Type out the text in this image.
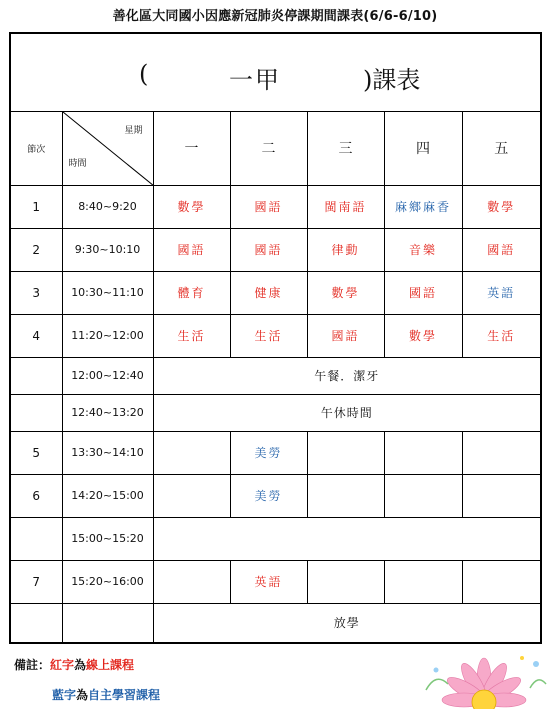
善化區大同國小因應新冠肺炎停課期間課表(6/6-6/10)
( 一甲 )課表						

節次	星期
時間	一	二	三	四	五
1	8:40~9:20	數學	國語	閩南語	麻鄉麻香	數學
2	9:30~10:10	國語	國語	律動	音樂	國語
3	10:30~11:10	體育	健康	數學	國語	英語
4	11:20~12:00	生活	生活	國語	數學	生活
	12:00~12:40	午餐．潔牙				
	12:40~13:20	午休時間				
5	13:30~14:10		美勞			
6	14:20~15:00		美勞			
	15:00~15:20					
7	15:20~16:00		英語			
		放學				
備註：紅字為線上課程
藍字為自主學習課程
